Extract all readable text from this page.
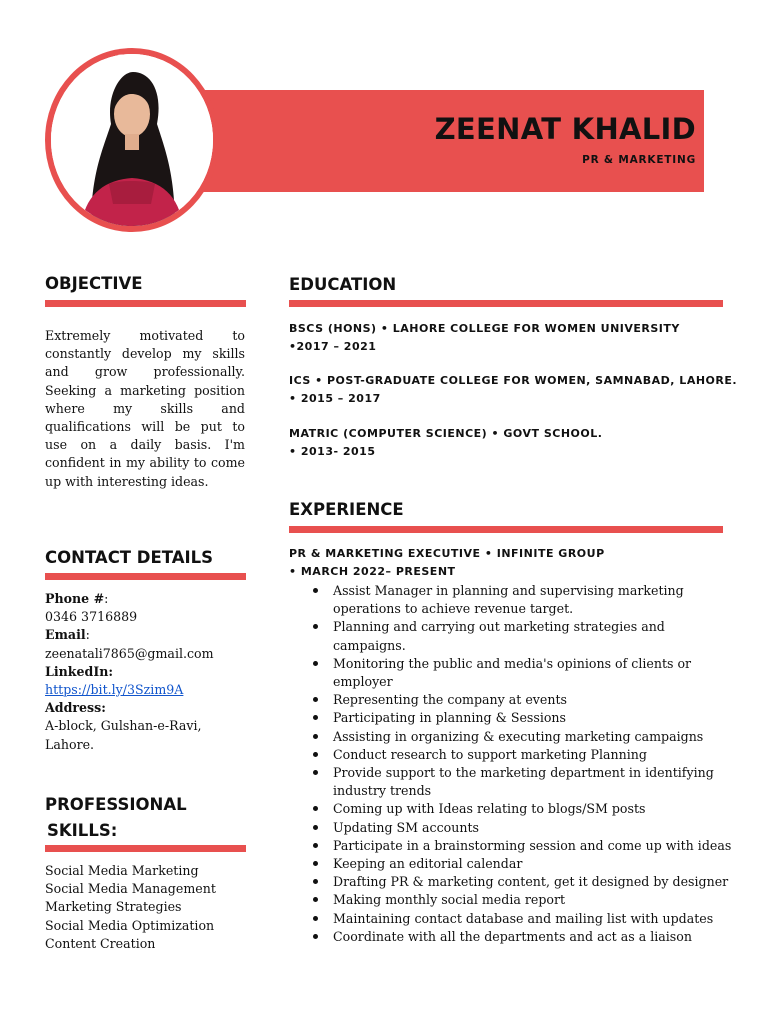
ZEENAT KHALID
PR & MARKETING
OBJECTIVE
Extremely motivated to constantly develop my skills and grow professionally. Seeking a marketing position where my skills and qualifications will be put to use on a daily basis. I'm confident in my ability to come up with interesting ideas.
CONTACT DETAILS
Phone #:
0346 3716889
Email:
zeenatali7865@gmail.com
LinkedIn:
https://bit.ly/3Szim9A
Address:
A-block, Gulshan-e-Ravi, Lahore.
PROFESSIONAL
SKILLS:
Social Media Marketing
Social Media Management
Marketing Strategies
Social Media Optimization
Content Creation
EDUCATION
BSCS (HONS) • LAHORE COLLEGE FOR WOMEN UNIVERSITY
•2017 – 2021
ICS • POST-GRADUATE COLLEGE FOR WOMEN, SAMNABAD, LAHORE.
• 2015 – 2017
MATRIC (COMPUTER SCIENCE) • GOVT SCHOOL.
• 2013- 2015
EXPERIENCE
PR & MARKETING EXECUTIVE • INFINITE GROUP
• MARCH 2022– PRESENT
Assist Manager in planning and supervising marketing operations to achieve revenue target.
Planning and carrying out marketing strategies and campaigns.
Monitoring the public and media's opinions of clients or employer
Representing the company at events
Participating in planning & Sessions
Assisting in organizing & executing marketing campaigns
Conduct research to support marketing Planning
Provide support to the marketing department in identifying industry trends
Coming up with Ideas relating to blogs/SM posts
Updating SM accounts
Participate in a brainstorming session and come up with ideas
Keeping an editorial calendar
Drafting PR & marketing content, get it designed by designer
Making monthly social media report
Maintaining contact database and mailing list with updates
Coordinate with all the departments and act as a liaison
